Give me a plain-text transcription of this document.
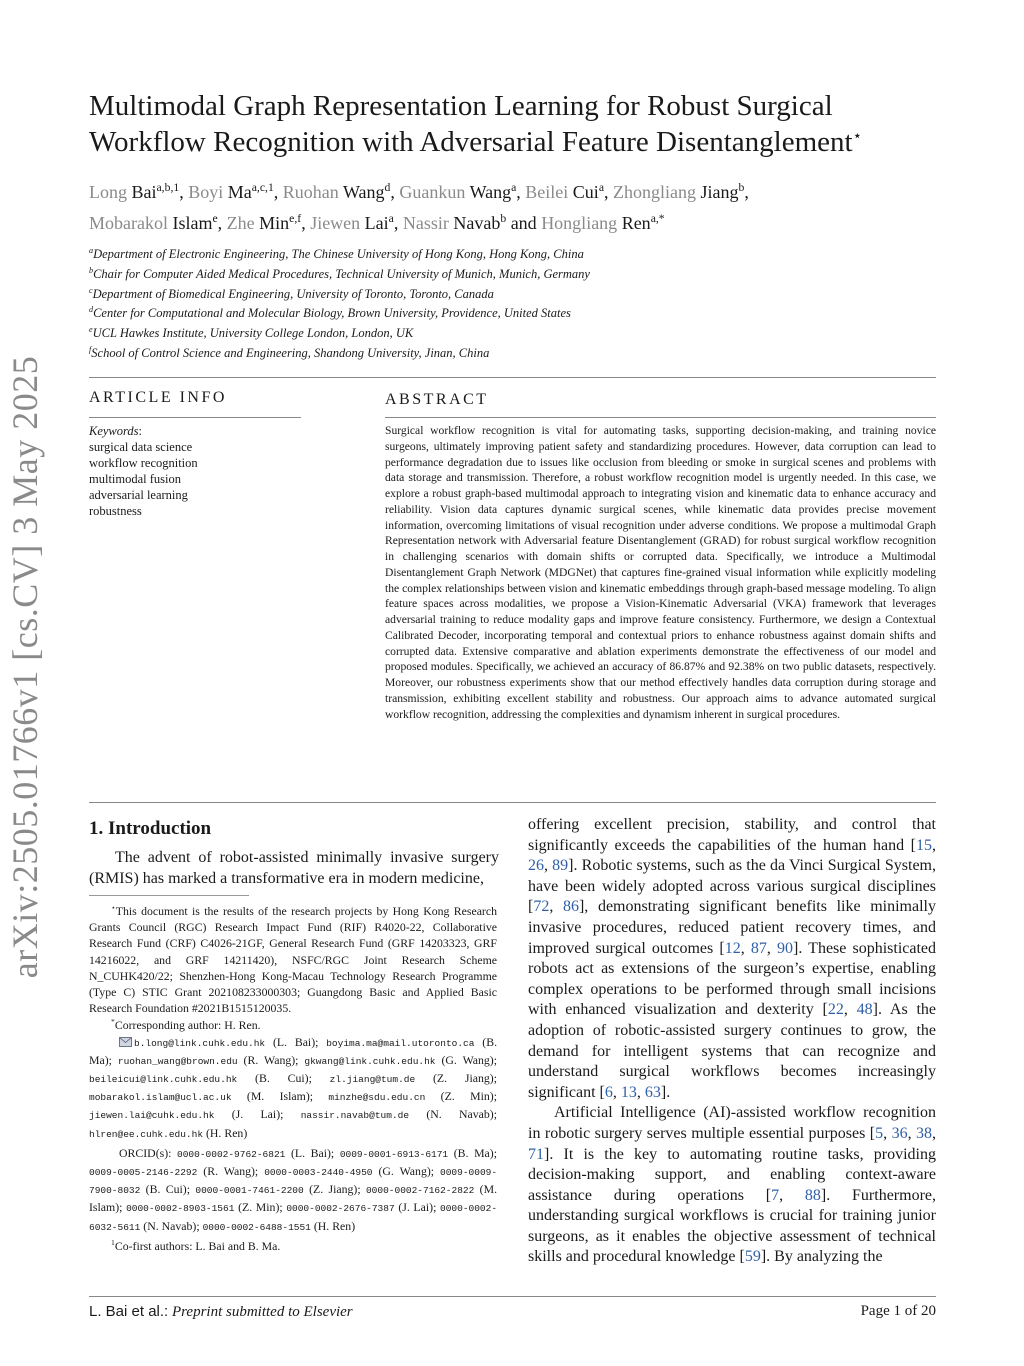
arXiv:2505.01766v1 [cs.CV] 3 May 2025
Multimodal Graph Representation Learning for Robust Surgical
Workflow Recognition with Adversarial Feature Disentanglement⋆
Long Bai$^{a,b,1}$, Boyi Ma$^{a,c,1}$, Ruohan Wang$^d$, Guankun Wang$^a$, Beilei Cui$^a$, Zhongliang Jiang$^b$,
Mobarakol Islam$^e$, Zhe Min$^{e,f}$, Jiewen Lai$^a$, Nassir Navab$^b$ and Hongliang Ren$^{a,*}$
$^a$Department of Electronic Engineering, The Chinese University of Hong Kong, Hong Kong, China
$^b$Chair for Computer Aided Medical Procedures, Technical University of Munich, Munich, Germany
$^c$Department of Biomedical Engineering, University of Toronto, Toronto, Canada
$^d$Center for Computational and Molecular Biology, Brown University, Providence, United States
$^e$UCL Hawkes Institute, University College London, London, UK
$^f$School of Control Science and Engineering, Shandong University, Jinan, China
ARTICLE INFO	ABSTRACT
Keywords:
surgical data science
workflow recognition
multimodal fusion
adversarial learning
robustness
Surgical workflow recognition is vital for automating tasks, supporting decision-making, and training novice surgeons, ultimately improving patient safety and standardizing procedures. However, data corruption can lead to performance degradation due to issues like occlusion from bleeding or smoke in surgical scenes and problems with data storage and transmission. Therefore, a robust workflow recognition model is urgently needed. In this case, we explore a robust graph-based multimodal approach to integrating vision and kinematic data to enhance accuracy and reliability. Vision data captures dynamic surgical scenes, while kinematic data provides precise movement information, overcoming limitations of visual recognition under adverse conditions. We propose a multimodal Graph Representation network with Adversarial feature Disentanglement (GRAD) for robust surgical workflow recognition in challenging scenarios with domain shifts or corrupted data. Specifically, we introduce a Multimodal Disentanglement Graph Network (MDGNet) that captures fine-grained visual information while explicitly modeling the complex relationships between vision and kinematic embeddings through graph-based message modeling. To align feature spaces across modalities, we propose a Vision-Kinematic Adversarial (VKA) framework that leverages adversarial training to reduce modality gaps and improve feature consistency. Furthermore, we design a Contextual Calibrated Decoder, incorporating temporal and contextual priors to enhance robustness against domain shifts and corrupted data. Extensive comparative and ablation experiments demonstrate the effectiveness of our model and proposed modules. Specifically, we achieved an accuracy of 86.87% and 92.38% on two public datasets, respectively. Moreover, our robustness experiments show that our method effectively handles data corruption during storage and transmission, exhibiting excellent stability and robustness. Our approach aims to advance automated surgical workflow recognition, addressing the complexities and dynamism inherent in surgical procedures.
1. Introduction
The advent of robot-assisted minimally invasive surgery (RMIS) has marked a transformative era in modern medicine,

⋆This document is the results of the research projects by Hong Kong Research Grants Council (RGC) Research Impact Fund (RIF) R4020-22, Collaborative Research Fund (CRF) C4026-21GF, General Research Fund (GRF 14203323, GRF 14216022, and GRF 14211420), NSFC/RGC Joint Research Scheme N_CUHK420/22; Shenzhen-Hong Kong-Macau Technology Research Programme (Type C) STIC Grant 202108233000303; Guangdong Basic and Applied Basic Research Foundation #2021B1515120035.

*Corresponding author: H. Ren.

b.long@link.cuhk.edu.hk (L. Bai); boyima.ma@mail.utoronto.ca (B. Ma); ruohan_wang@brown.edu (R. Wang); gkwang@link.cuhk.edu.hk (G. Wang); beileicui@link.cuhk.edu.hk (B. Cui); zl.jiang@tum.de (Z. Jiang); mobarakol.islam@ucl.ac.uk (M. Islam); minzhe@sdu.edu.cn (Z. Min); jiewen.lai@cuhk.edu.hk (J. Lai); nassir.navab@tum.de (N. Navab); hlren@ee.cuhk.edu.hk (H. Ren)

ORCID(s): 0000-0002-9762-6821 (L. Bai); 0009-0001-6913-6171 (B. Ma); 0009-0005-2146-2292 (R. Wang); 0000-0003-2440-4950 (G. Wang); 0009-0009-7900-8032 (B. Cui); 0000-0001-7461-2200 (Z. Jiang); 0000-0002-7162-2822 (M. Islam); 0000-0002-8903-1561 (Z. Min); 0000-0002-2676-7387 (J. Lai); 0000-0002-6032-5611 (N. Navab); 0000-0002-6488-1551 (H. Ren)

$^1$Co-first authors: L. Bai and B. Ma.

offering excellent precision, stability, and control that significantly exceeds the capabilities of the human hand [15, 26, 89]. Robotic systems, such as the da Vinci Surgical System, have been widely adopted across various surgical disciplines [72, 86], demonstrating significant benefits like minimally invasive procedures, reduced patient recovery times, and improved surgical outcomes [12, 87, 90]. These sophisticated robots act as extensions of the surgeon’s expertise, enabling complex operations to be performed through small incisions with enhanced visualization and dexterity [22, 48]. As the adoption of robotic-assisted surgery continues to grow, the demand for intelligent systems that can recognize and understand surgical workflows becomes increasingly significant [6, 13, 63].

Artificial Intelligence (AI)-assisted workflow recognition in robotic surgery serves multiple essential purposes [5, 36, 38, 71]. It is the key to automating routine tasks, providing decision-making support, and enabling context-aware assistance during operations [7, 88]. Furthermore, understanding surgical workflows is crucial for training junior surgeons, as it enables the objective assessment of technical skills and procedural knowledge [59]. By analyzing the

L. Bai et al.: Preprint submitted to Elsevier	Page 1 of 20
